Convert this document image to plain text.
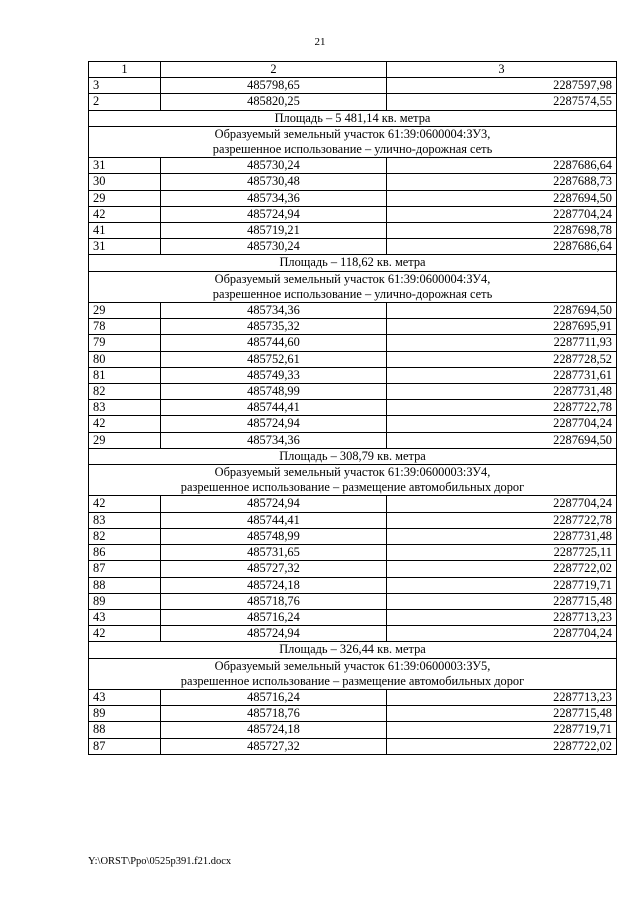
21
1	2	3
3	485798,65	2287597,98
2	485820,25	2287574,55
Площадь – 5 481,14 кв. метра		

Образуемый земельный участок 61:39:0600004:ЗУ3,
разрешенное использование – улично-дорожная сеть		

31	485730,24	2287686,64
30	485730,48	2287688,73
29	485734,36	2287694,50
42	485724,94	2287704,24
41	485719,21	2287698,78
31	485730,24	2287686,64
Площадь – 118,62 кв. метра		

Образуемый земельный участок 61:39:0600004:ЗУ4,
разрешенное использование – улично-дорожная сеть		

29	485734,36	2287694,50
78	485735,32	2287695,91
79	485744,60	2287711,93
80	485752,61	2287728,52
81	485749,33	2287731,61
82	485748,99	2287731,48
83	485744,41	2287722,78
42	485724,94	2287704,24
29	485734,36	2287694,50
Площадь – 308,79 кв. метра		

Образуемый земельный участок 61:39:0600003:ЗУ4,
разрешенное использование – размещение автомобильных дорог		

42	485724,94	2287704,24
83	485744,41	2287722,78
82	485748,99	2287731,48
86	485731,65	2287725,11
87	485727,32	2287722,02
88	485724,18	2287719,71
89	485718,76	2287715,48
43	485716,24	2287713,23
42	485724,94	2287704,24
Площадь – 326,44 кв. метра		

Образуемый земельный участок 61:39:0600003:ЗУ5,
разрешенное использование – размещение автомобильных дорог		

43	485716,24	2287713,23
89	485718,76	2287715,48
88	485724,18	2287719,71
87	485727,32	2287722,02
Y:\ORST\Ppo\0525p391.f21.docx
